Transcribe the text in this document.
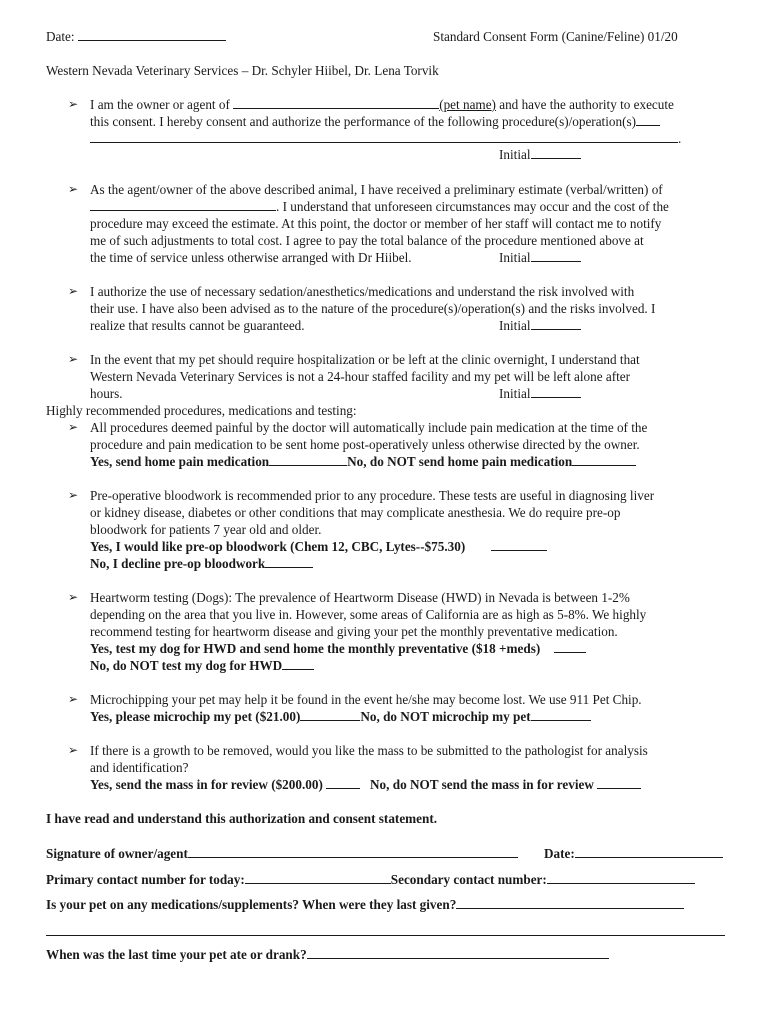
Date:	Standard Consent Form (Canine/Feline) 01/20
Western Nevada Veterinary Services – Dr. Schyler Hiibel, Dr. Lena Torvik
➢ I am the owner or agent of	(pet name) and have the authority to execute
this consent. I hereby consent and authorize the performance of the following procedure(s)/operation(s)
.
Initial
➢ As the agent/owner of the above described animal, I have received a preliminary estimate (verbal/written) of
. I understand that unforeseen circumstances may occur and the cost of the
procedure may exceed the estimate. At this point, the doctor or member of her staff will contact me to notify
me of such adjustments to total cost. I agree to pay the total balance of the procedure mentioned above at
the time of service unless otherwise arranged with Dr Hiibel.	Initial
➢ I authorize the use of necessary sedation/anesthetics/medications and understand the risk involved with
their use. I have also been advised as to the nature of the procedure(s)/operation(s) and the risks involved. I
realize that results cannot be guaranteed.	Initial
➢ In the event that my pet should require hospitalization or be left at the clinic overnight, I understand that
Western Nevada Veterinary Services is not a 24-hour staffed facility and my pet will be left alone after
hours.	Initial
Highly recommended procedures, medications and testing:
➢ All procedures deemed painful by the doctor will automatically include pain medication at the time of the
procedure and pain medication to be sent home post-operatively unless otherwise directed by the owner.
Yes, send home pain medication	No, do NOT send home pain medication
➢ Pre-operative bloodwork is recommended prior to any procedure. These tests are useful in diagnosing liver
or kidney disease, diabetes or other conditions that may complicate anesthesia. We do require pre-op
bloodwork for patients 7 year old and older.
Yes, I would like pre-op bloodwork (Chem 12, CBC, Lytes--$75.30)
No, I decline pre-op bloodwork
➢ Heartworm testing (Dogs): The prevalence of Heartworm Disease (HWD) in Nevada is between 1-2%
depending on the area that you live in. However, some areas of California are as high as 5-8%. We highly
recommend testing for heartworm disease and giving your pet the monthly preventative medication.
Yes, test my dog for HWD and send home the monthly preventative ($18 +meds)
No, do NOT test my dog for HWD
➢ Microchipping your pet may help it be found in the event he/she may become lost. We use 911 Pet Chip.
Yes, please microchip my pet ($21.00)	No, do NOT microchip my pet
➢ If there is a growth to be removed, would you like the mass to be submitted to the pathologist for analysis
and identification?
Yes, send the mass in for review ($200.00)	No, do NOT send the mass in for review
I have read and understand this authorization and consent statement.
Signature of owner/agent	Date:
Primary contact number for today:	Secondary contact number:
Is your pet on any medications/supplements? When were they last given?
When was the last time your pet ate or drank?
